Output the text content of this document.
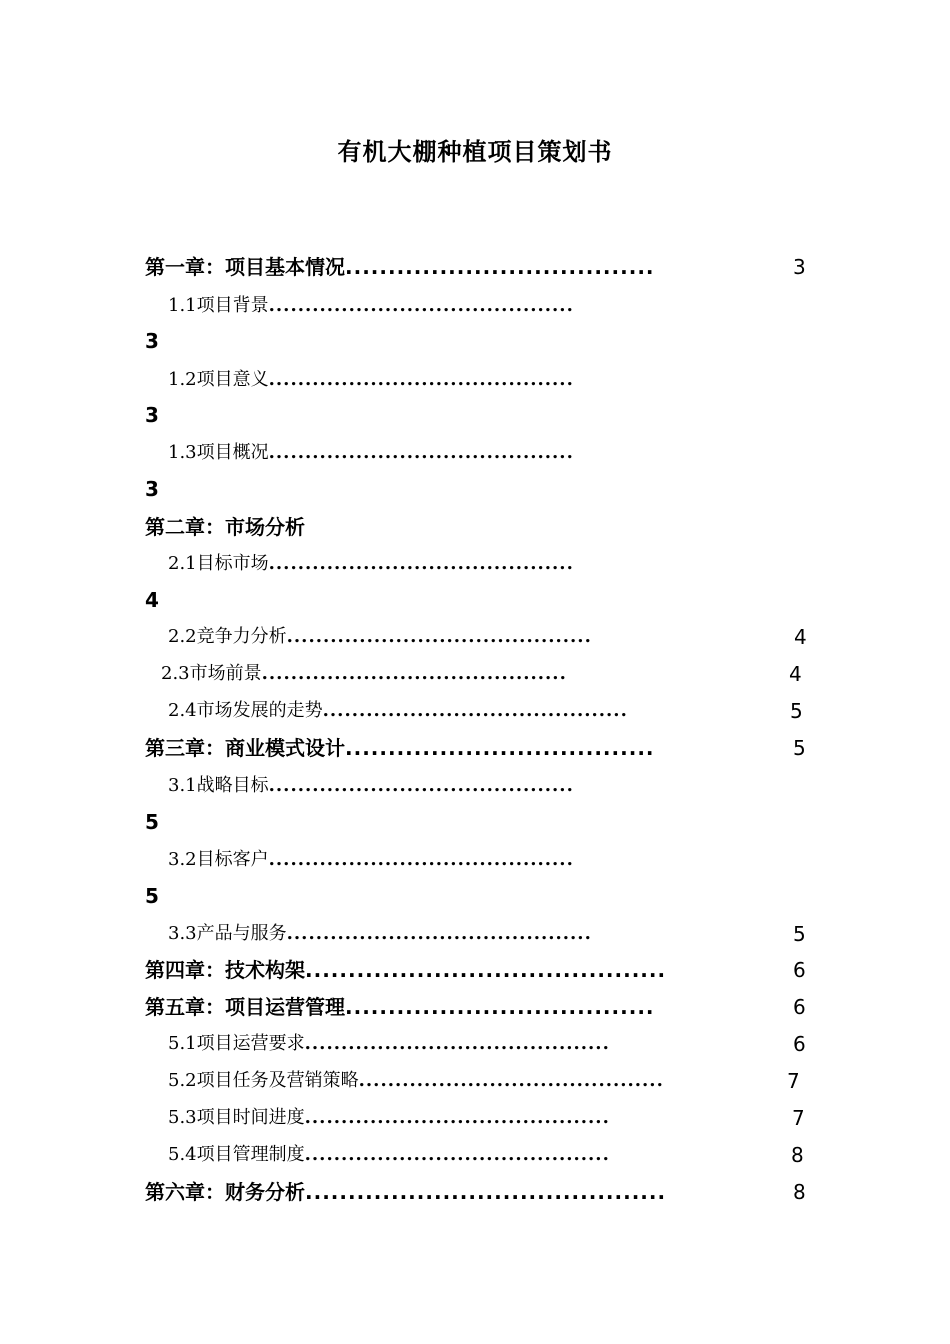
有机大棚种植项目策划书
第一章：项目基本情况....................................	3
1.1项目背景..........................................
3
1.2项目意义..........................................
3
1.3项目概况..........................................
3
第二章：市场分析
2.1目标市场..........................................
4
2.2竞争力分析..........................................	4
2.3市场前景..........................................	4
2.4市场发展的走势..........................................	5
第三章：商业模式设计....................................	5
3.1战略目标..........................................
5
3.2目标客户..........................................
5
3.3产品与服务..........................................	5
第四章：技术构架..........................................	6
第五章：项目运营管理....................................	6
5.1项目运营要求..........................................	6
5.2项目任务及营销策略..........................................	7
5.3项目时间进度..........................................	7
5.4项目管理制度..........................................	8
第六章：财务分析..........................................	8
